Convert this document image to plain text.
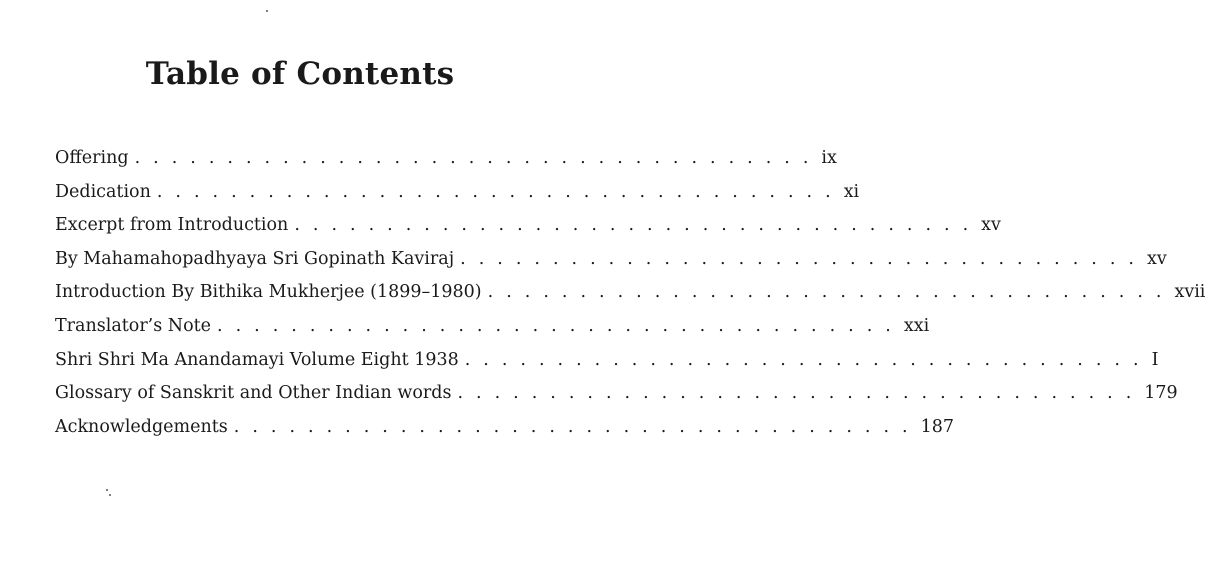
Table of Contents
Offering ..................................... ix
Dedication ..................................... xi
Excerpt from Introduction ..................................... xv
By Mahamahopadhyaya Sri Gopinath Kaviraj ..................................... xv
Introduction By Bithika Mukherjee (1899–1980) ..................................... xvii
Translator’s Note ..................................... xxi
Shri Shri Ma Anandamayi Volume Eight 1938 ..................................... I
Glossary of Sanskrit and Other Indian words ..................................... 179
Acknowledgements ..................................... 187
